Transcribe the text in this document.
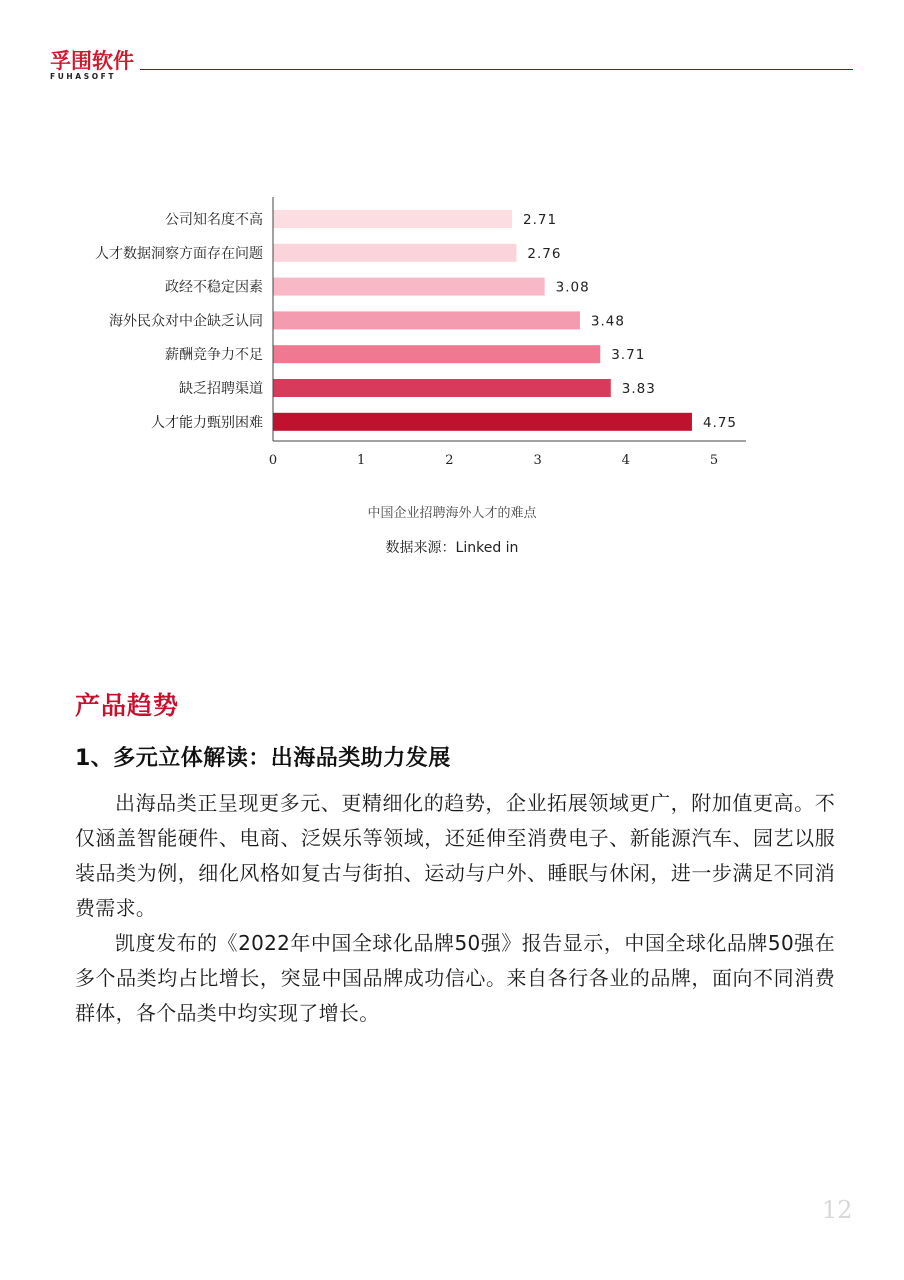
孚围软件
FUHASOFT
公司知名度不高	2.71
人才数据洞察方面存在问题	2.76
政经不稳定因素	3.08
海外民众对中企缺乏认同	3.48
薪酬竞争力不足	3.71
缺乏招聘渠道	3.83
人才能力甄别困难	4.75
0	1	2	3	4	5
中国企业招聘海外人才的难点
数据来源：Linked in
产品趋势
1、多元立体解读：出海品类助力发展

出海品类正呈现更多元、更精细化的趋势，企业拓展领域更广，附加值更高。不仅涵盖智能硬件、电商、泛娱乐等领域，还延伸至消费电子、新能源汽车、园艺以服装品类为例，细化风格如复古与街拍、运动与户外、睡眠与休闲，进一步满足不同消费需求。

凯度发布的《2022年中国全球化品牌50强》报告显示，中国全球化品牌50强在多个品类均占比增长，突显中国品牌成功信心。来自各行各业的品牌，面向不同消费群体，各个品类中均实现了增长。

12
